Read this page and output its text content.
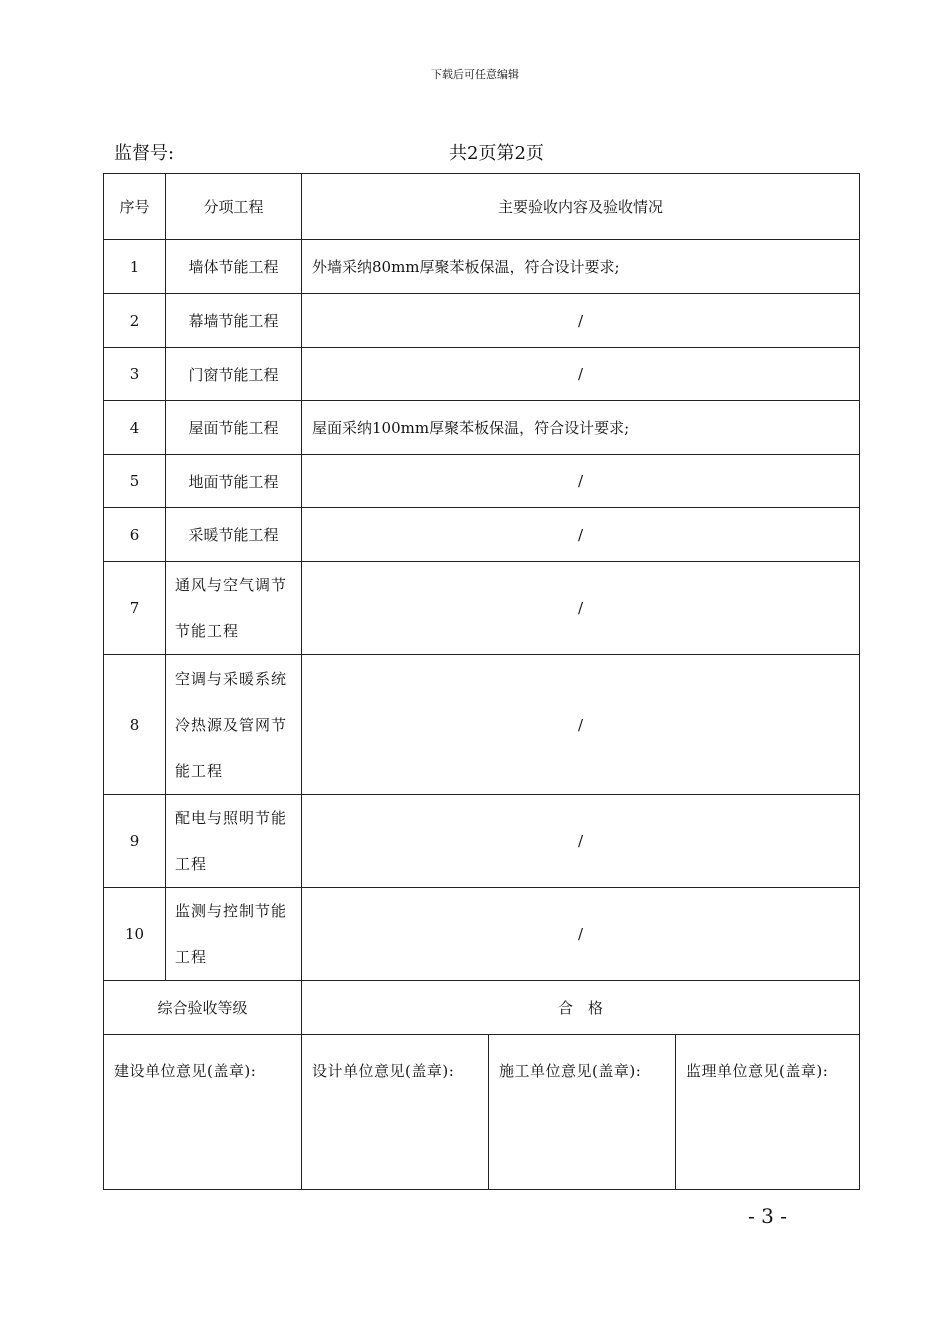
下载后可任意编辑
监督号:	共2页第2页
序号	分项工程	主要验收内容及验收情况		
1	墙体节能工程	外墙采纳80mm厚聚苯板保温，符合设计要求;		
2	幕墙节能工程	/		
3	门窗节能工程	/		
4	屋面节能工程	屋面采纳100mm厚聚苯板保温，符合设计要求;		
5	地面节能工程	/		
6	采暖节能工程	/		
7	通风与空气调节节能工程	/		
8	空调与采暖系统冷热源及管网节能工程	/		
9	配电与照明节能工程	/		
10	监测与控制节能工程	/		
综合验收等级		合　格		
建设单位意见(盖章):		设计单位意见(盖章):	施工单位意见(盖章):	监理单位意见(盖章):
- 3 -
